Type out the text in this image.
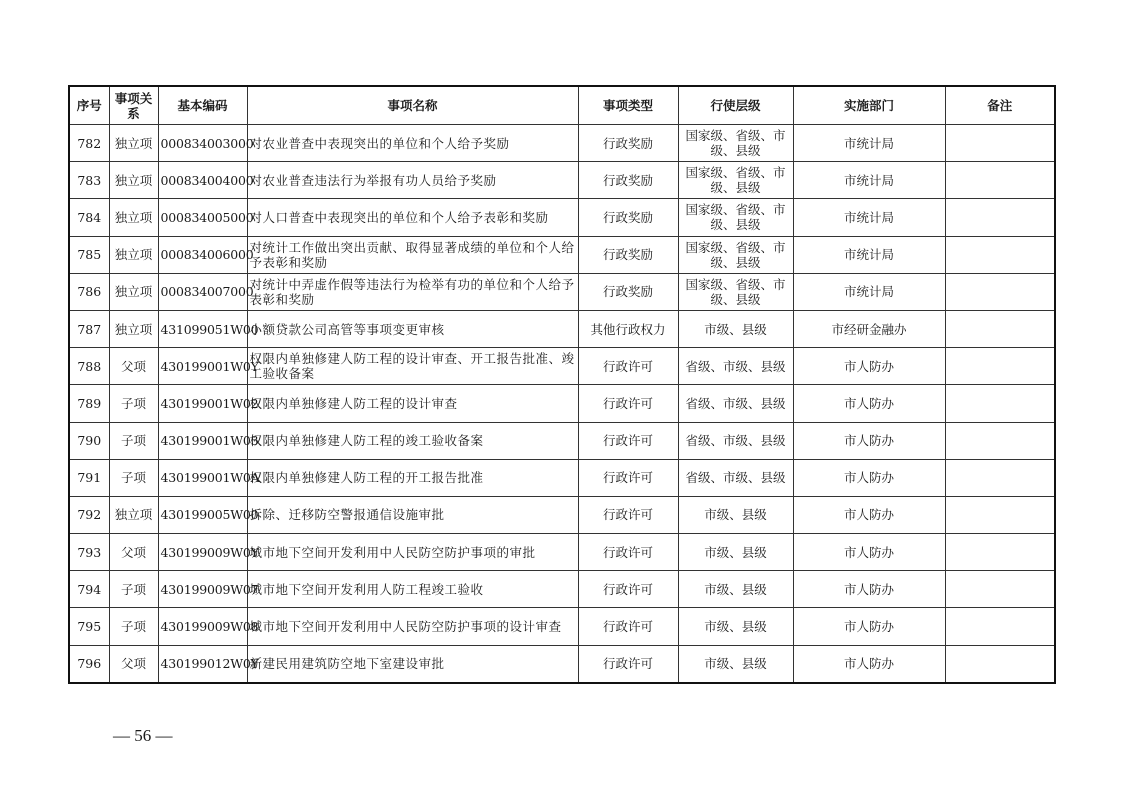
序号	事项关系	基本编码	事项名称	事项类型	行使层级	实施部门	备注
782	独立项	000834003000	对农业普查中表现突出的单位和个人给予奖励	行政奖励	国家级、省级、市级、县级	市统计局	
783	独立项	000834004000	对农业普查违法行为举报有功人员给予奖励	行政奖励	国家级、省级、市级、县级	市统计局	
784	独立项	000834005000	对人口普查中表现突出的单位和个人给予表彰和奖励	行政奖励	国家级、省级、市级、县级	市统计局	
785	独立项	000834006000	对统计工作做出突出贡献、取得显著成绩的单位和个人给予表彰和奖励	行政奖励	国家级、省级、市级、县级	市统计局	
786	独立项	000834007000	对统计中弄虚作假等违法行为检举有功的单位和个人给予表彰和奖励	行政奖励	国家级、省级、市级、县级	市统计局	
787	独立项	431099051W00	小额贷款公司高管等事项变更审核	其他行政权力	市级、县级	市经研金融办	
788	父项	430199001W0Y	权限内单独修建人防工程的设计审查、开工报告批准、竣工验收备案	行政许可	省级、市级、县级	市人防办	
789	子项	430199001W02	权限内单独修建人防工程的设计审查	行政许可	省级、市级、县级	市人防办	
790	子项	430199001W03	权限内单独修建人防工程的竣工验收备案	行政许可	省级、市级、县级	市人防办	
791	子项	430199001W0A	权限内单独修建人防工程的开工报告批准	行政许可	省级、市级、县级	市人防办	
792	独立项	430199005W00	拆除、迁移防空警报通信设施审批	行政许可	市级、县级	市人防办	
793	父项	430199009W0Y	城市地下空间开发利用中人民防空防护事项的审批	行政许可	市级、县级	市人防办	
794	子项	430199009W07	城市地下空间开发利用人防工程竣工验收	行政许可	市级、县级	市人防办	
795	子项	430199009W08	城市地下空间开发利用中人民防空防护事项的设计审查	行政许可	市级、县级	市人防办	
796	父项	430199012W0Y	新建民用建筑防空地下室建设审批	行政许可	市级、县级	市人防办	
— 56 —
